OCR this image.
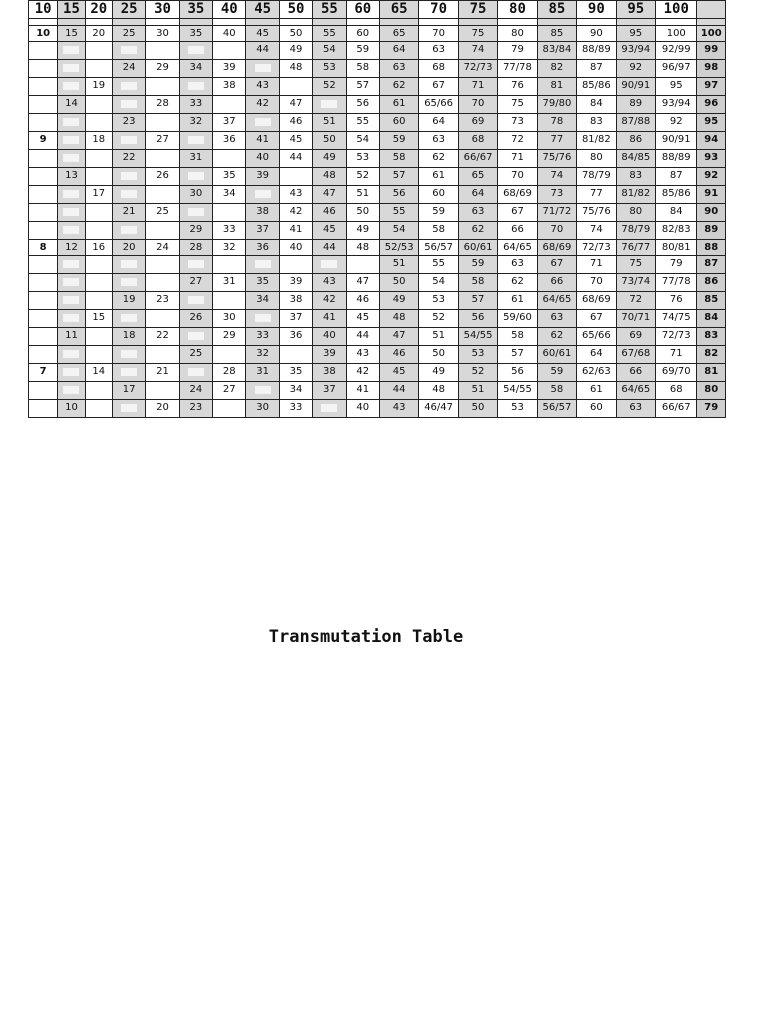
10	15	20	25	30	35	40	45	50	55	60	65	70	75	80	85	90	95	100	

10	15	20	25	30	35	40	45	50	55	60	65	70	75	80	85	90	95	100	100
							44	49	54	59	64	63	74	79	83/84	88/89	93/94	92/99	99
			24	29	34	39		48	53	58	63	68	72/73	77/78	82	87	92	96/97	98
		19				38	43		52	57	62	67	71	76	81	85/86	90/91	95	97
	14			28	33		42	47		56	61	65/66	70	75	79/80	84	89	93/94	96
			23		32	37		46	51	55	60	64	69	73	78	83	87/88	92	95
9		18		27		36	41	45	50	54	59	63	68	72	77	81/82	86	90/91	94
			22		31		40	44	49	53	58	62	66/67	71	75/76	80	84/85	88/89	93
	13			26		35	39		48	52	57	61	65	70	74	78/79	83	87	92
		17			30	34		43	47	51	56	60	64	68/69	73	77	81/82	85/86	91
			21	25			38	42	46	50	55	59	63	67	71/72	75/76	80	84	90
					29	33	37	41	45	49	54	58	62	66	70	74	78/79	82/83	89
8	12	16	20	24	28	32	36	40	44	48	52/53	56/57	60/61	64/65	68/69	72/73	76/77	80/81	88
											51	55	59	63	67	71	75	79	87
					27	31	35	39	43	47	50	54	58	62	66	70	73/74	77/78	86
			19	23			34	38	42	46	49	53	57	61	64/65	68/69	72	76	85
		15			26	30		37	41	45	48	52	56	59/60	63	67	70/71	74/75	84
	11		18	22		29	33	36	40	44	47	51	54/55	58	62	65/66	69	72/73	83
					25		32		39	43	46	50	53	57	60/61	64	67/68	71	82
7		14		21		28	31	35	38	42	45	49	52	56	59	62/63	66	69/70	81
			17		24	27		34	37	41	44	48	51	54/55	58	61	64/65	68	80
	10			20	23		30	33		40	43	46/47	50	53	56/57	60	63	66/67	79
Transmutation Table
